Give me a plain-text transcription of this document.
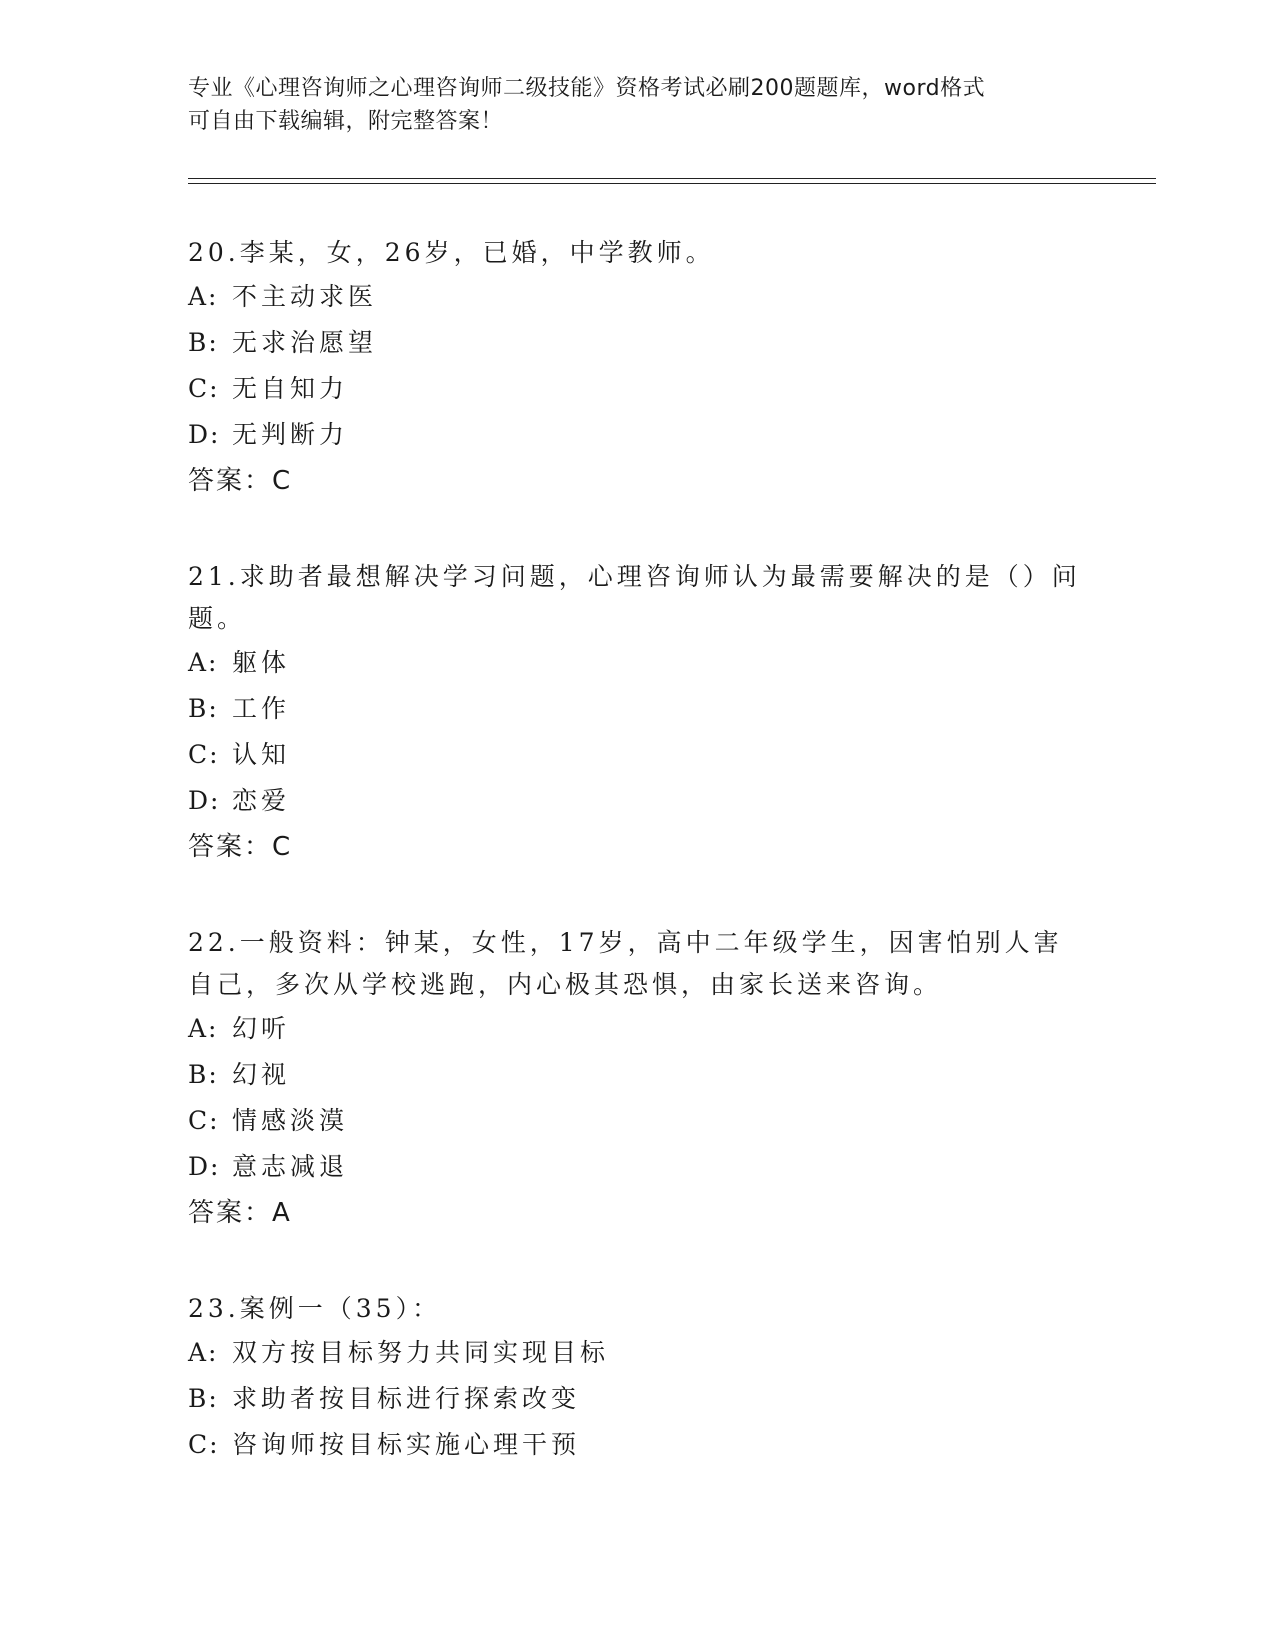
专业《心理咨询师之心理咨询师二级技能》资格考试必刷200题题库，word格式
可自由下载编辑，附完整答案！
20.李某，女，26岁，已婚，中学教师。
A: 不主动求医
B: 无求治愿望
C: 无自知力
D: 无判断力
答案：C
21.求助者最想解决学习问题，心理咨询师认为最需要解决的是（）问题。
A: 躯体
B: 工作
C: 认知
D: 恋爱
答案：C
22.一般资料：钟某，女性，17岁，高中二年级学生，因害怕别人害自己，多次从学校逃跑，内心极其恐惧，由家长送来咨询。
A: 幻听
B: 幻视
C: 情感淡漠
D: 意志减退
答案：A
23.案例一（35）：
A: 双方按目标努力共同实现目标
B: 求助者按目标进行探索改变
C: 咨询师按目标实施心理干预
